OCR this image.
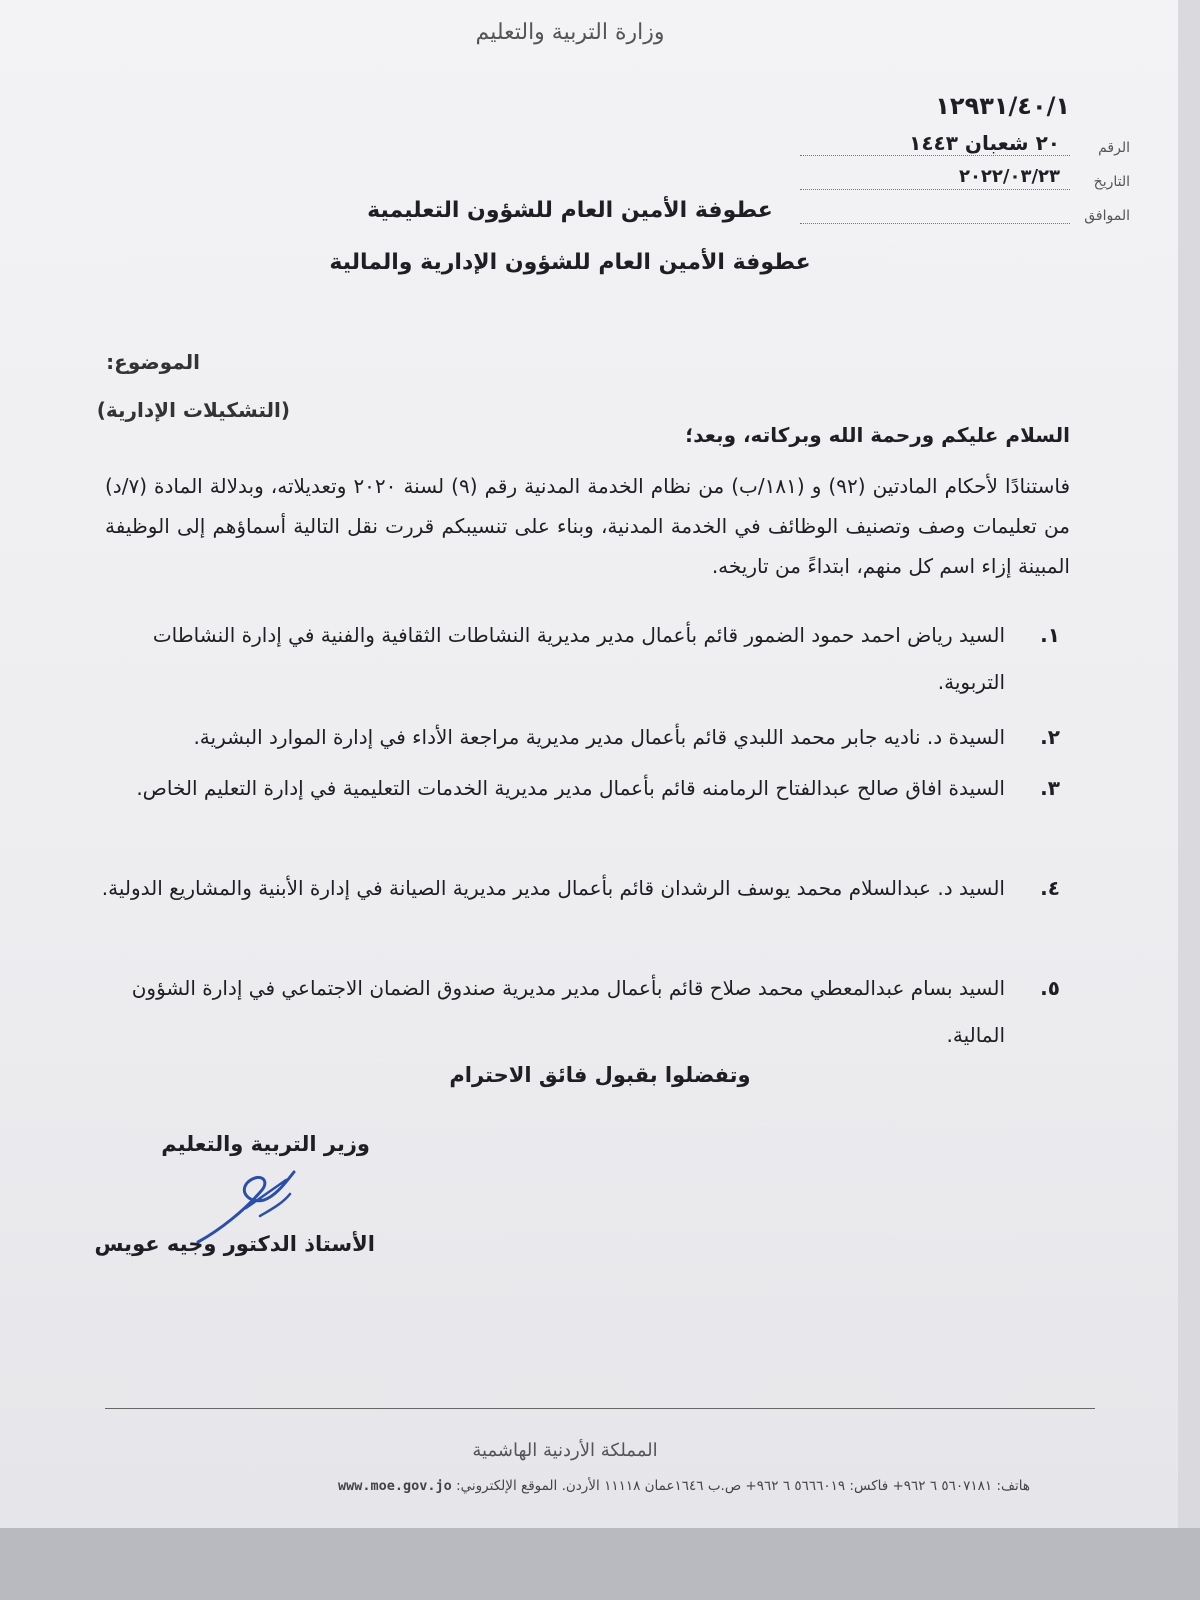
وزارة التربية والتعليم
١٢٩٣١/٤٠/١
الرقم
٢٠ شعبان ١٤٤٣
التاريخ
٢٠٢٢/٠٣/٢٣
الموافق
عطوفة الأمين العام للشؤون التعليمية
عطوفة الأمين العام للشؤون الإدارية والمالية
الموضوع:
(التشكيلات الإدارية)
السلام عليكم ورحمة الله وبركاته، وبعد؛
فاستنادًا لأحكام المادتين (٩٢) و (١٨١/ب) من نظام الخدمة المدنية رقم (٩) لسنة ٢٠٢٠ وتعديلاته، وبدلالة المادة (٧/د) من تعليمات وصف وتصنيف الوظائف في الخدمة المدنية، وبناء على تنسيبكم قررت نقل التالية أسماؤهم إلى الوظيفة المبينة إزاء اسم كل منهم، ابتداءً من تاريخه.
١.
السيد رياض احمد حمود الضمور قائم بأعمال مدير مديرية النشاطات الثقافية والفنية في إدارة النشاطات التربوية.
٢.
السيدة د. ناديه جابر محمد اللبدي قائم بأعمال مدير مديرية مراجعة الأداء في إدارة الموارد البشرية.
٣.
السيدة افاق صالح عبدالفتاح الرمامنه قائم بأعمال مدير مديرية الخدمات التعليمية في إدارة التعليم الخاص.
٤.
السيد د. عبدالسلام محمد يوسف الرشدان قائم بأعمال مدير مديرية الصيانة في إدارة الأبنية والمشاريع الدولية.
٥.
السيد بسام عبدالمعطي محمد صلاح قائم بأعمال مدير مديرية صندوق الضمان الاجتماعي في إدارة الشؤون المالية.
وتفضلوا بقبول فائق الاحترام
وزير التربية والتعليم
الأستاذ الدكتور وجيه عويس
المملكة الأردنية الهاشمية
هاتف: ٥٦٠٧١٨١ ٦ ٩٦٢+ فاكس: ٥٦٦٦٠١٩ ٦ ٩٦٢+ ص.ب ١٦٤٦عمان ١١١١٨ الأردن. الموقع الإلكتروني: www.moe.gov.jo
